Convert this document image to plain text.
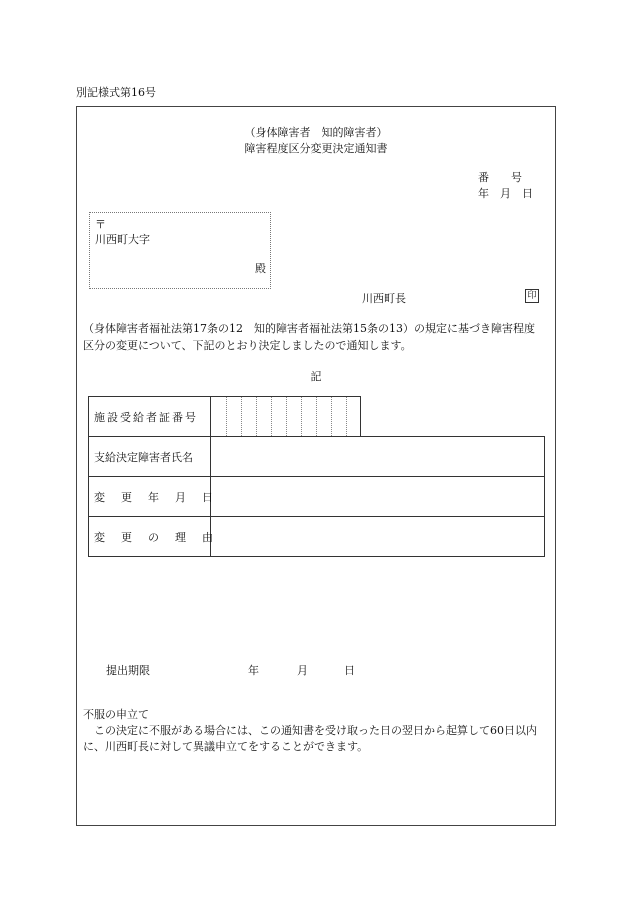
別記様式第16号
（身体障害者　知的障害者）
障害程度区分変更決定通知書
番　　号
年　月　日
〒
川西町大字
殿
川西町長	印
（身体障害者福祉法第17条の12　知的障害者福祉法第15条の13）の規定に基づき障害程度区分の変更について、下記のとおり決定しましたので通知します。
記
施設受給者証番号
支給決定障害者氏名
変更年月日
変更の理由
提出期限	年	月	日
不服の申立て
この決定に不服がある場合には、この通知書を受け取った日の翌日から起算して60日以内に、川西町長に対して異議申立てをすることができます。
